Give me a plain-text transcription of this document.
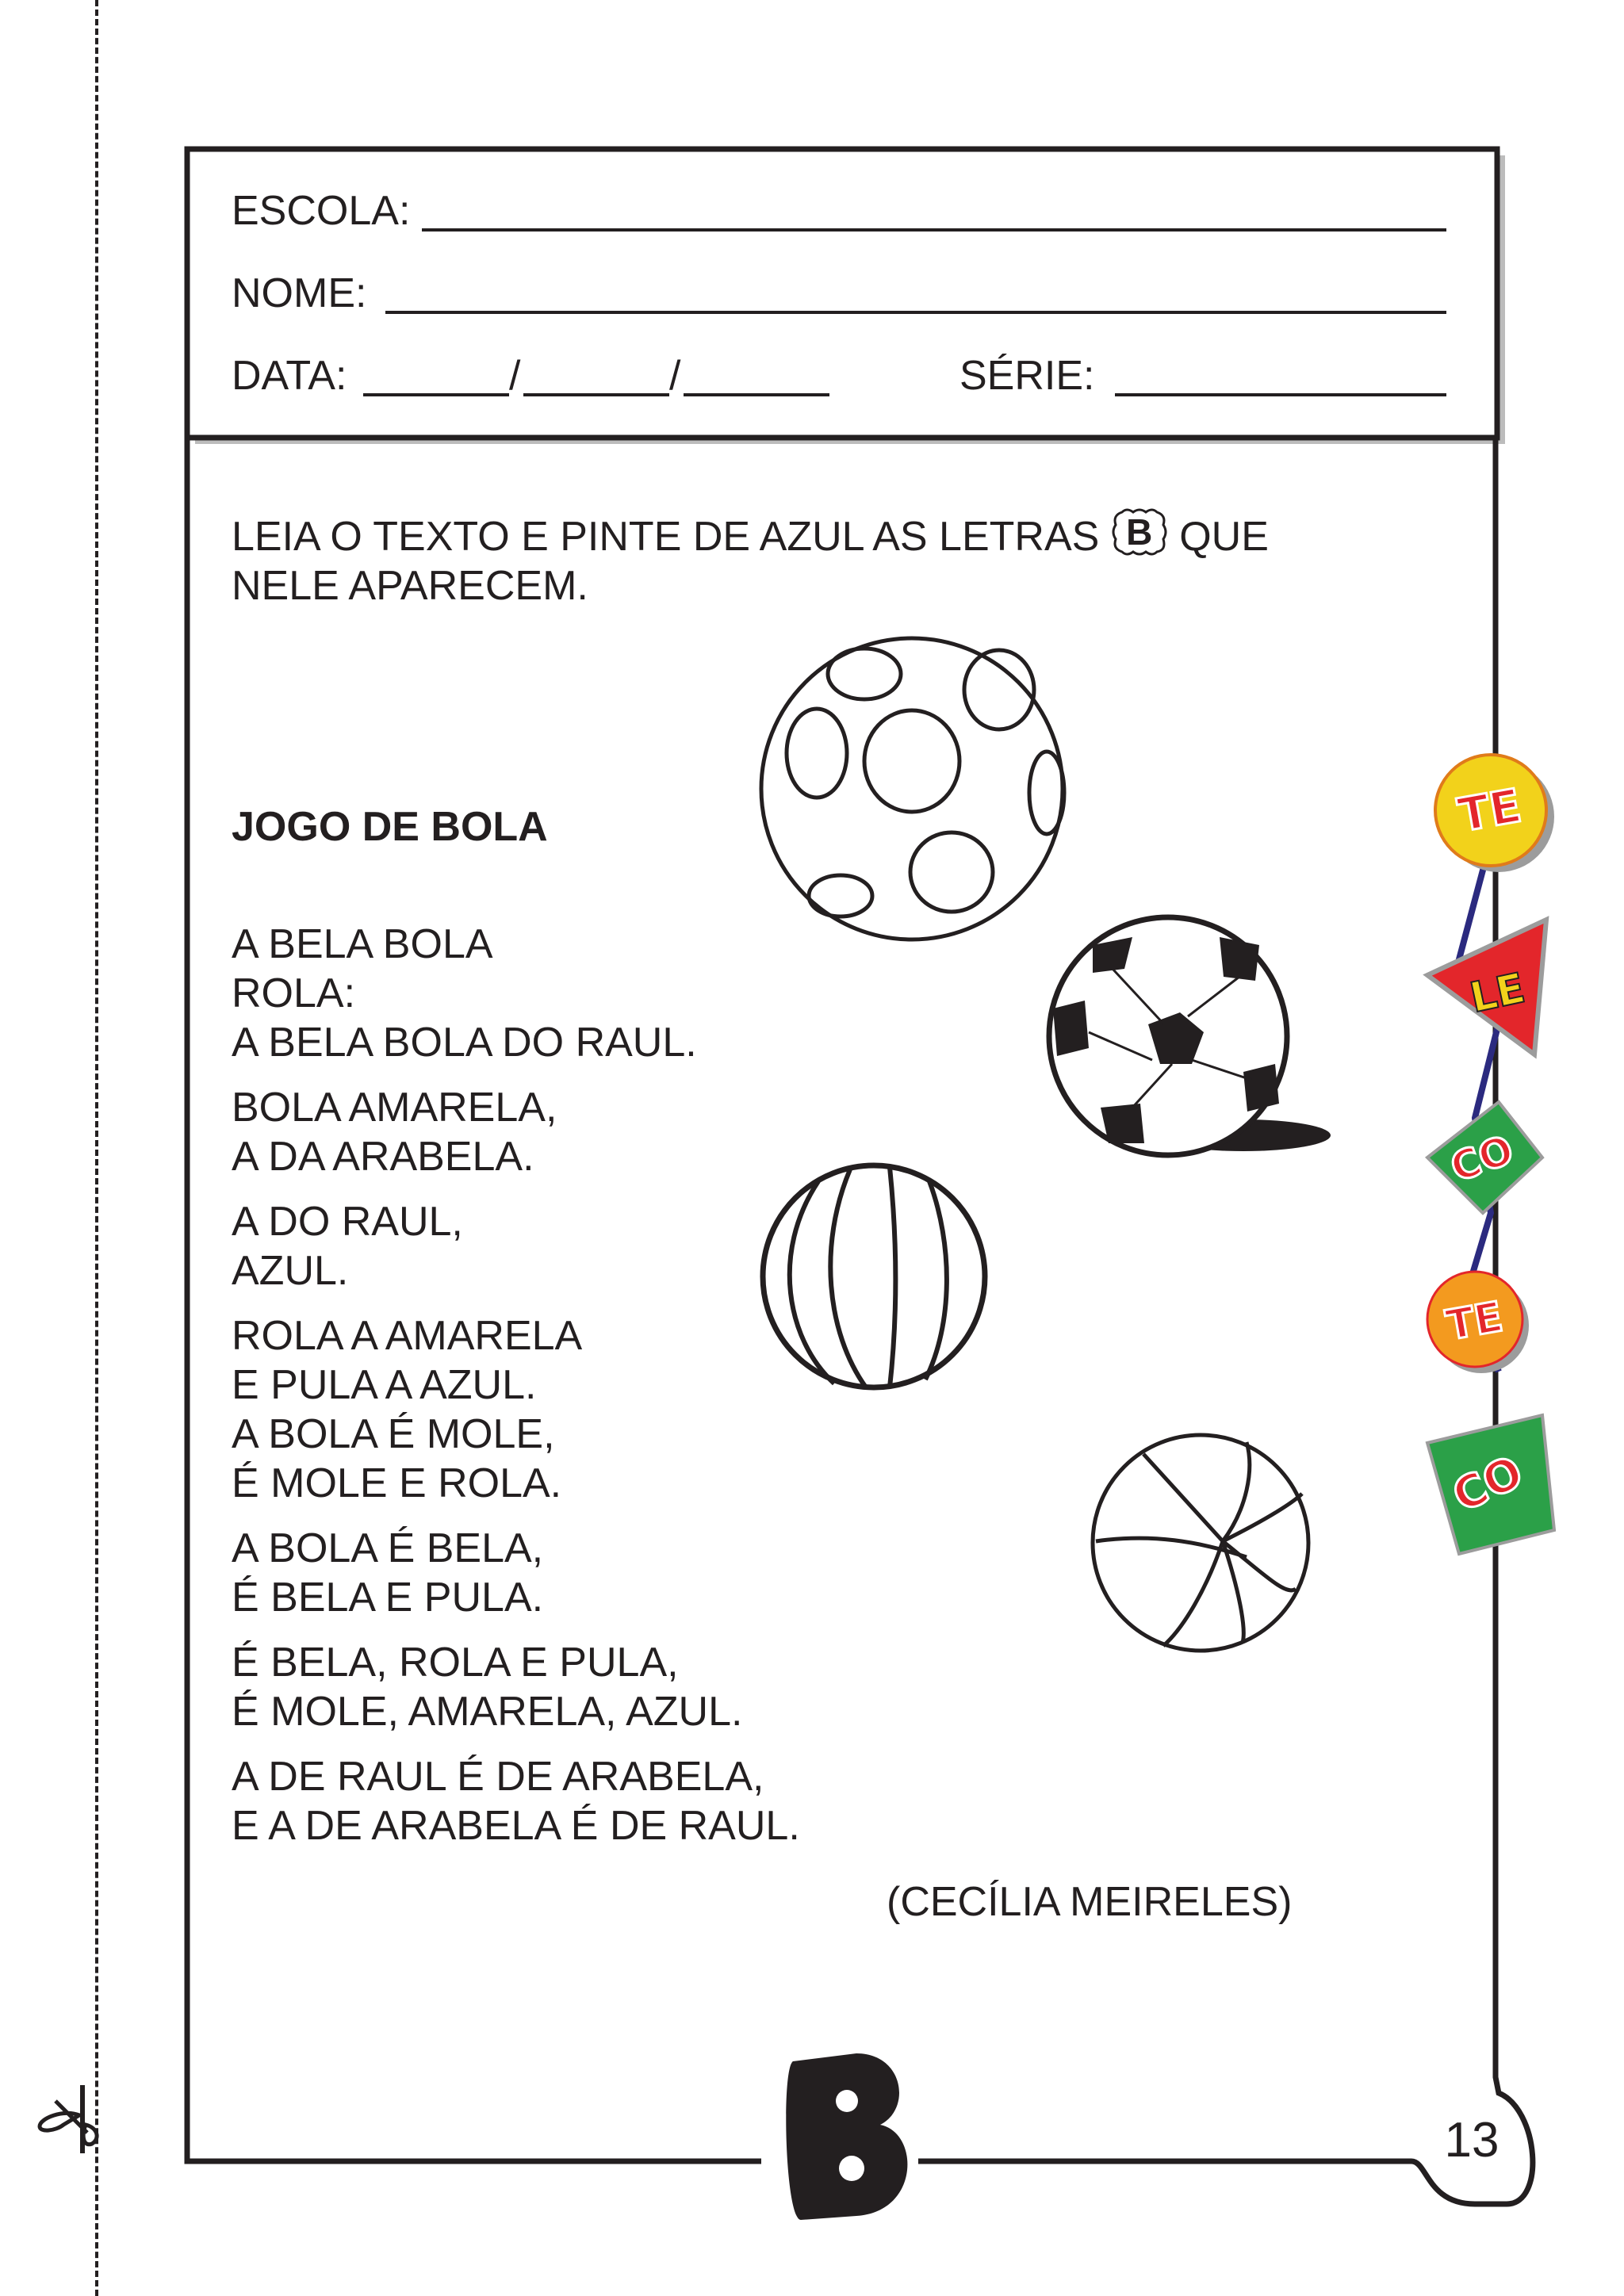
ESCOLA:
NOME:
DATA:	/	/	SÉRIE:
LEIA O TEXTO E PINTE DE AZUL AS LETRAS B QUE NELE APARECEM.
JOGO DE BOLA
A BELA BOLA
ROLA:
A BELA BOLA DO RAUL.
BOLA AMARELA,
A DA ARABELA.
A DO RAUL,
AZUL.
ROLA A AMARELA
E PULA A AZUL.
A BOLA É MOLE,
É MOLE E ROLA.
A BOLA É BELA,
É BELA E PULA.
É BELA, ROLA E PULA,
É MOLE, AMARELA, AZUL.
A DE RAUL É DE ARABELA,
E A DE ARABELA É DE RAUL.
(CECÍLIA MEIRELES)
TE
LE
CO
TE
CO
13
